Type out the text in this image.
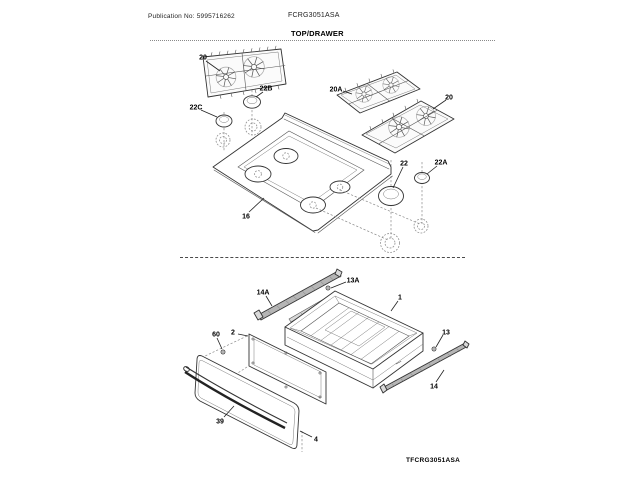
Publication No: 5995716262	FCRG3051ASA
TOP/DRAWER
TFCRG3051ASA
20
22B
22C
20A
20
22	22A
16
14A
13A
1
60 2	13
14
39
4
